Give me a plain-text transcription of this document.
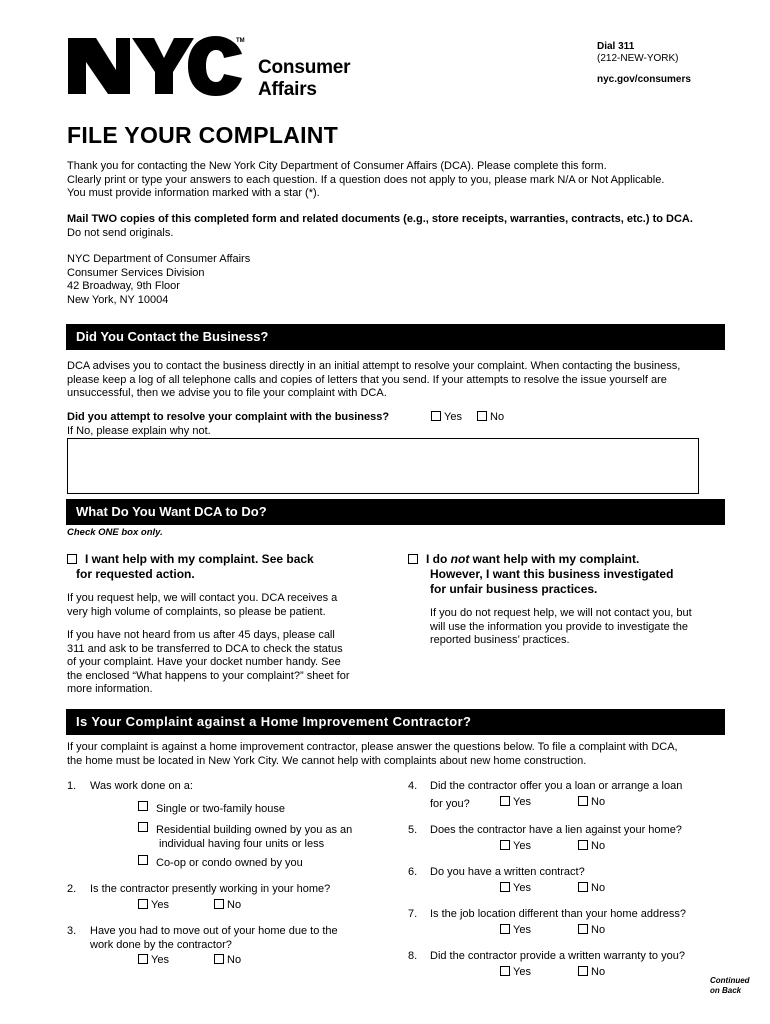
TM
Consumer
Affairs
Dial 311
(212-NEW-YORK)
nyc.gov/consumers
FILE YOUR COMPLAINT
Thank you for contacting the New York City Department of Consumer Affairs (DCA). Please complete this form.
Clearly print or type your answers to each question. If a question does not apply to you, please mark N/A or Not Applicable.
You must provide information marked with a star (*).
Mail TWO copies of this completed form and related documents (e.g., store receipts, warranties, contracts, etc.) to DCA.
Do not send originals.
NYC Department of Consumer Affairs
Consumer Services Division
42 Broadway, 9th Floor
New York, NY 10004
Did You Contact the Business?
DCA advises you to contact the business directly in an initial attempt to resolve your complaint. When contacting the business,
please keep a log of all telephone calls and copies of letters that you send. If your attempts to resolve the issue yourself are
unsuccessful, then we advise you to file your complaint with DCA.
Did you attempt to resolve your complaint with the business?	Yes	No
If No, please explain why not.
What Do You Want DCA to Do?
Check ONE box only.
I want help with my complaint. See back
for requested action.
If you request help, we will contact you. DCA receives a
very high volume of complaints, so please be patient.
If you have not heard from us after 45 days, please call
311 and ask to be transferred to DCA to check the status
of your complaint. Have your docket number handy. See
the enclosed “What happens to your complaint?” sheet for
more information.
I do not want help with my complaint.
However, I want this business investigated
for unfair business practices.
If you do not request help, we will not contact you, but
will use the information you provide to investigate the
reported business’ practices.
Is Your Complaint against a Home Improvement Contractor?
If your complaint is against a home improvement contractor, please answer the questions below. To file a complaint with DCA,
the home must be located in New York City. We cannot help with complaints about new home construction.
1.	Was work done on a:
Single or two-family house
Residential building owned by you as an
individual having four units or less
Co-op or condo owned by you
2.	Is the contractor presently working in your home?
Yes	No
3.	Have you had to move out of your home due to the
work done by the contractor?
Yes	No
4.	Did the contractor offer you a loan or arrange a loan
for you?	Yes	No
5.	Does the contractor have a lien against your home?
Yes	No
6.	Do you have a written contract?
Yes	No
7.	Is the job location different than your home address?
Yes	No
8.	Did the contractor provide a written warranty to you?
Yes	No
Continued
on Back
